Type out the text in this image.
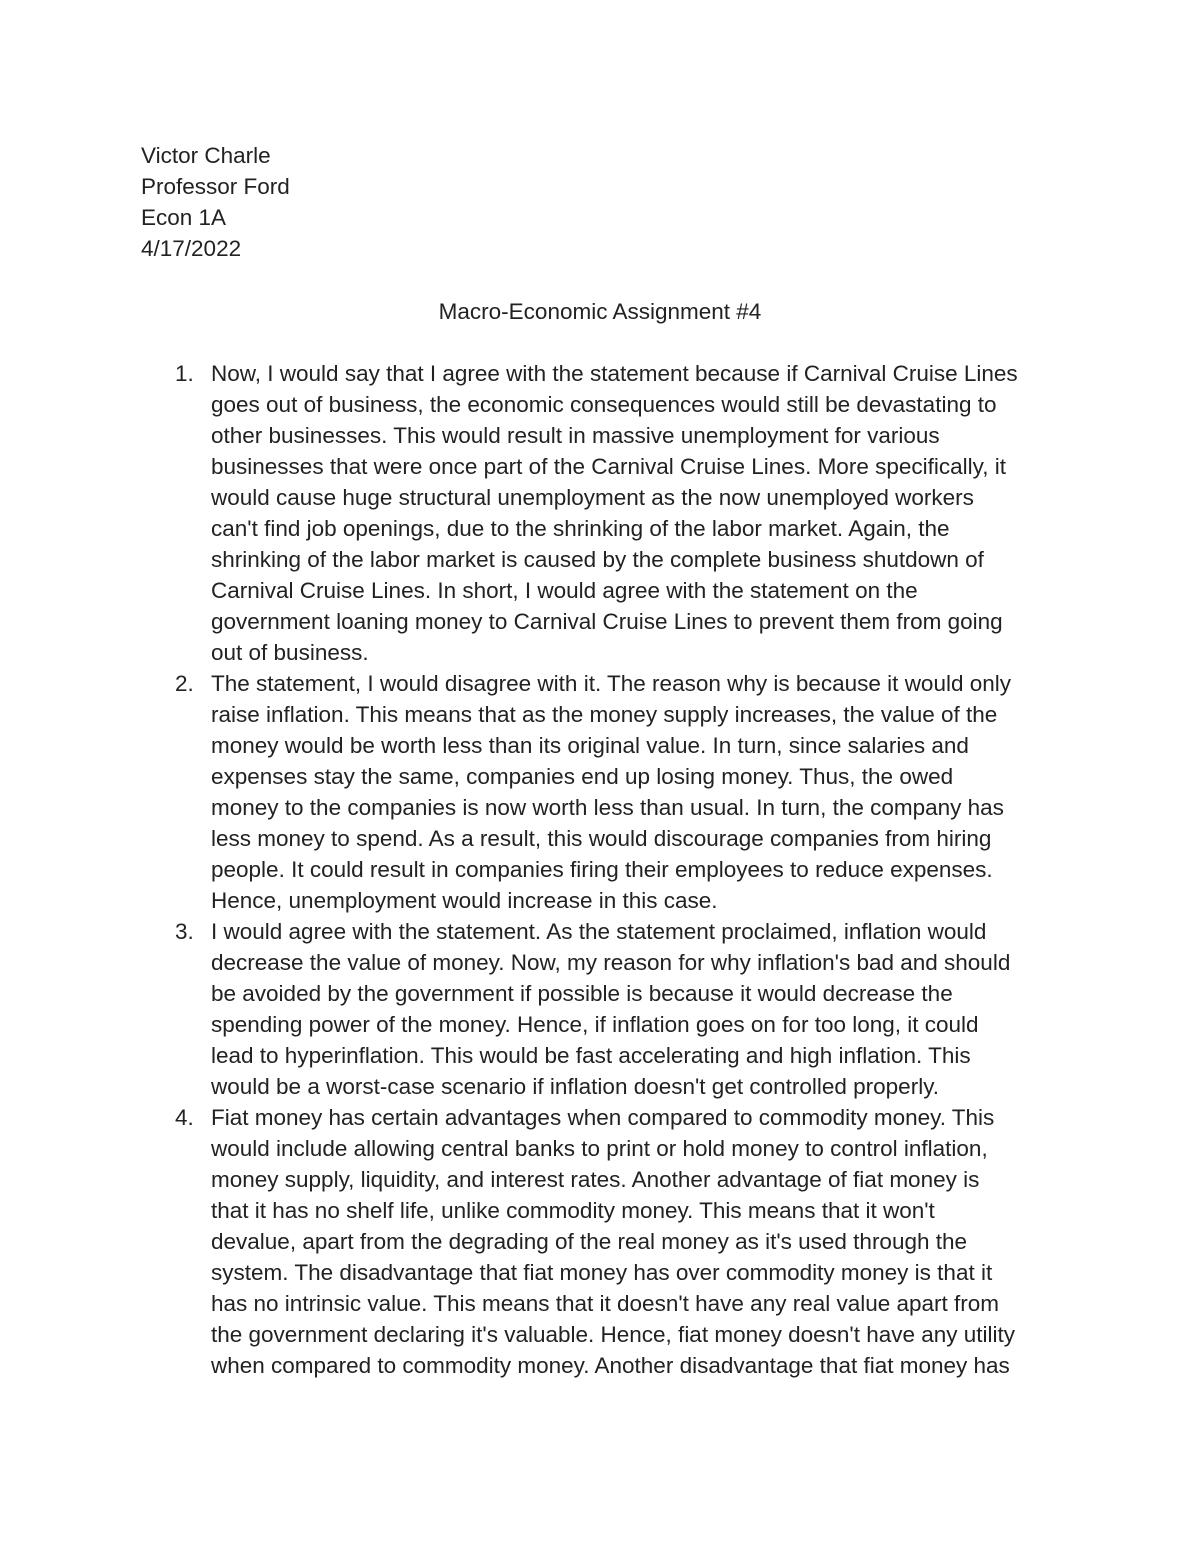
Victor Charle
Professor Ford
Econ 1A
4/17/2022
Macro-Economic Assignment #4
1. Now, I would say that I agree with the statement because if Carnival Cruise Lines
goes out of business, the economic consequences would still be devastating to
other businesses. This would result in massive unemployment for various
businesses that were once part of the Carnival Cruise Lines. More specifically, it
would cause huge structural unemployment as the now unemployed workers
can't find job openings, due to the shrinking of the labor market. Again, the
shrinking of the labor market is caused by the complete business shutdown of
Carnival Cruise Lines. In short, I would agree with the statement on the
government loaning money to Carnival Cruise Lines to prevent them from going
out of business.
2. The statement, I would disagree with it. The reason why is because it would only
raise inflation. This means that as the money supply increases, the value of the
money would be worth less than its original value. In turn, since salaries and
expenses stay the same, companies end up losing money. Thus, the owed
money to the companies is now worth less than usual. In turn, the company has
less money to spend. As a result, this would discourage companies from hiring
people. It could result in companies firing their employees to reduce expenses.
Hence, unemployment would increase in this case.
3. I would agree with the statement. As the statement proclaimed, inflation would
decrease the value of money. Now, my reason for why inflation's bad and should
be avoided by the government if possible is because it would decrease the
spending power of the money. Hence, if inflation goes on for too long, it could
lead to hyperinflation. This would be fast accelerating and high inflation. This
would be a worst-case scenario if inflation doesn't get controlled properly.
4. Fiat money has certain advantages when compared to commodity money. This
would include allowing central banks to print or hold money to control inflation,
money supply, liquidity, and interest rates. Another advantage of fiat money is
that it has no shelf life, unlike commodity money. This means that it won't
devalue, apart from the degrading of the real money as it's used through the
system. The disadvantage that fiat money has over commodity money is that it
has no intrinsic value. This means that it doesn't have any real value apart from
the government declaring it's valuable. Hence, fiat money doesn't have any utility
when compared to commodity money. Another disadvantage that fiat money has
